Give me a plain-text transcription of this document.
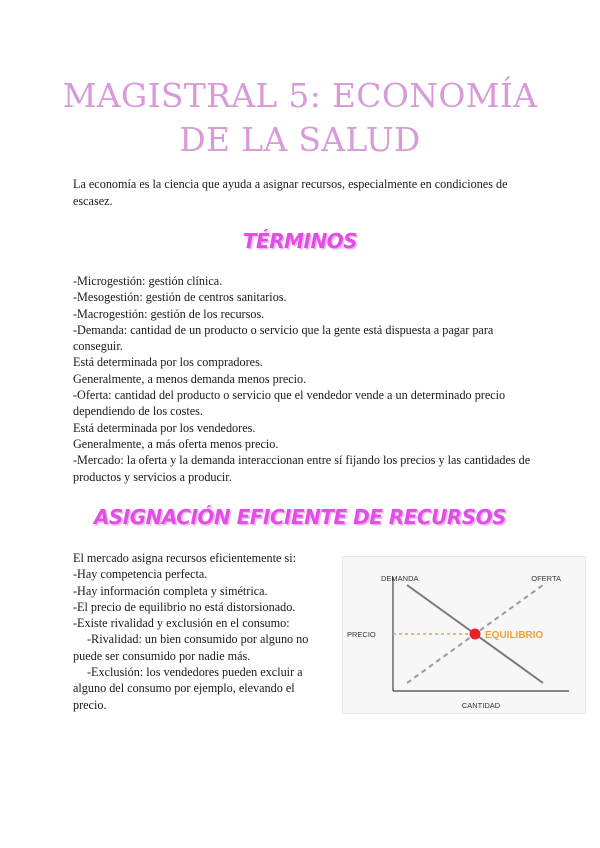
MAGISTRAL 5: ECONOMÍA DE LA SALUD
La economía es la ciencia que ayuda a asignar recursos, especialmente en condiciones de escasez.
TÉRMINOS
-Microgestión: gestión clínica.
-Mesogestión: gestión de centros sanitarios.
-Macrogestión: gestión de los recursos.
-Demanda: cantidad de un producto o servicio que la gente está dispuesta a pagar para conseguir.
Está determinada por los compradores.
Generalmente, a menos demanda menos precio.
-Oferta: cantidad del producto o servicio que el vendedor vende a un determinado precio dependiendo de los costes.
Está determinada por los vendedores.
Generalmente, a más oferta menos precio.
-Mercado: la oferta y la demanda interaccionan entre sí fijando los precios y las cantidades de productos y servicios a producir.
ASIGNACIÓN EFICIENTE DE RECURSOS
El mercado asigna recursos eficientemente si:
-Hay competencia perfecta.
-Hay información completa y simétrica.
-El precio de equilibrio no está distorsionado.
-Existe rivalidad y exclusión en el consumo:
-Rivalidad: un bien consumido por alguno no puede ser consumido por nadie más.
-Exclusión: los vendedores pueden excluir a alguno del consumo por ejemplo, elevando el precio.
DEMANDA	OFERTA
PRECIO
CANTIDAD
EQUILIBRIO
